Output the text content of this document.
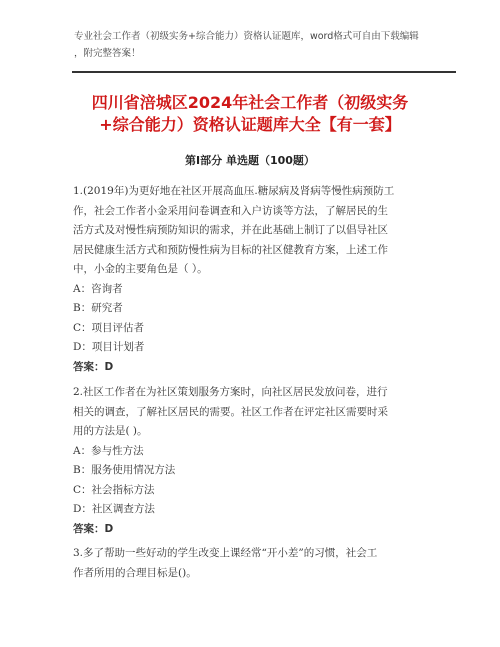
专业社会工作者（初级实务+综合能力）资格认证题库，word格式可自由下载编辑
，附完整答案！
四川省涪城区2024年社会工作者（初级实务
+综合能力）资格认证题库大全【有一套】
第Ⅰ部分 单选题（100题）
1.(2019年)为更好地在社区开展高血压.糖尿病及肾病等慢性病预防工
作，社会工作者小金采用问卷调查和入户访谈等方法，了解居民的生
活方式及对慢性病预防知识的需求，并在此基础上制订了以倡导社区
居民健康生活方式和预防慢性病为目标的社区健教育方案，上述工作
中，小金的主要角色是（ ）。
A：咨询者
B：研究者
C：项目评估者
D：项目计划者
答案：D
2.社区工作者在为社区策划服务方案时，向社区居民发放问卷，进行
相关的调查，了解社区居民的需要。社区工作者在评定社区需要时采
用的方法是( )。
A：参与性方法
B：服务使用情况方法
C：社会指标方法
D：社区调查方法
答案：D
3.多了帮助一些好动的学生改变上课经常“开小差”的习惯，社会工
作者所用的合理目标是()。
